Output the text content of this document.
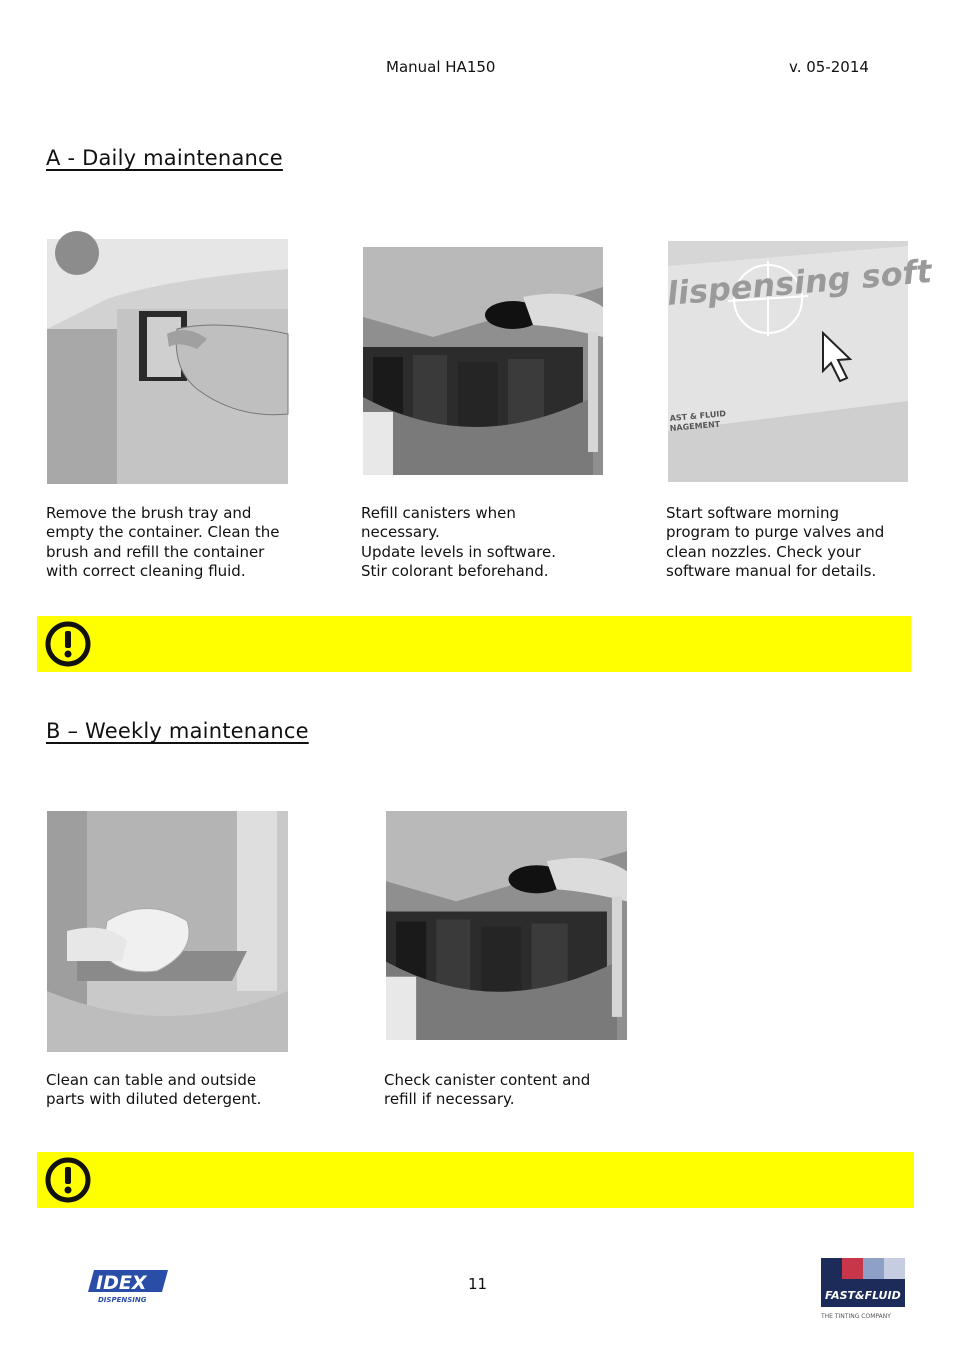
Manual HA150	v. 05-2014
A - Daily maintenance
lispensing soft
AST & FLUID
NAGEMENT
Remove the brush tray and
empty the container. Clean the
brush and refill the container
with correct cleaning fluid.
Refill canisters when
necessary.
Update levels in software.
Stir colorant beforehand.
Start software morning
program to purge valves and
clean nozzles. Check your
software manual for details.
B – Weekly maintenance
Clean can table and outside
parts with diluted detergent.
Check canister content and
refill if necessary.
IDEX
DISPENSING
11
FAST&FLUID
THE TINTING COMPANY
